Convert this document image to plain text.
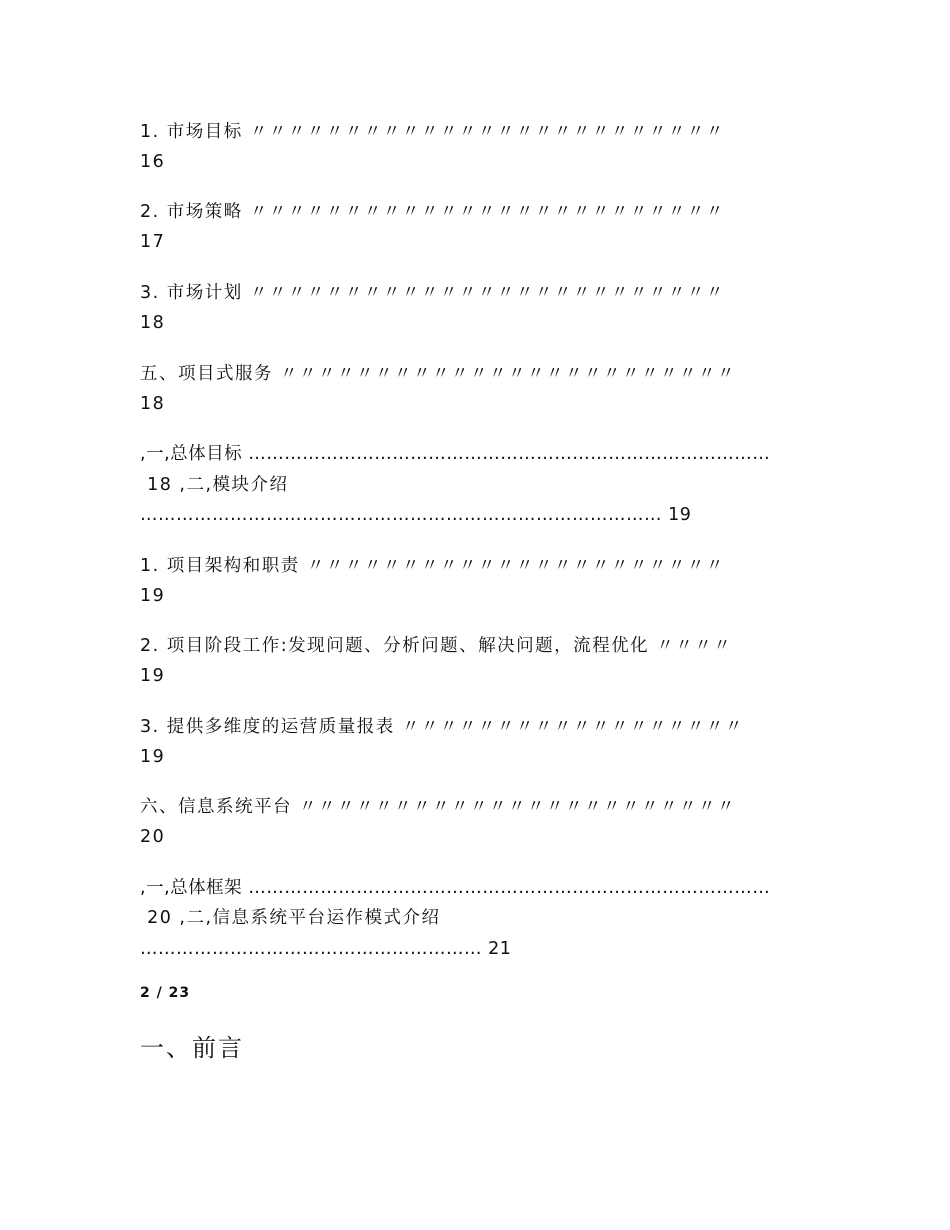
1. 市场目标 〃〃〃〃〃〃〃〃〃〃〃〃〃〃〃〃〃〃〃〃〃〃〃〃〃
16
2. 市场策略 〃〃〃〃〃〃〃〃〃〃〃〃〃〃〃〃〃〃〃〃〃〃〃〃〃
17
3. 市场计划 〃〃〃〃〃〃〃〃〃〃〃〃〃〃〃〃〃〃〃〃〃〃〃〃〃
18
五、项目式服务 〃〃〃〃〃〃〃〃〃〃〃〃〃〃〃〃〃〃〃〃〃〃〃〃
18
,一,总体目标 ……………………………………………………………………………
18 ,二,模块介绍
…………………………………………………………………………… 19
1. 项目架构和职责 〃〃〃〃〃〃〃〃〃〃〃〃〃〃〃〃〃〃〃〃〃〃
19
2. 项目阶段工作:发现问题、分析问题、解决问题，流程优化 〃〃〃〃
19
3. 提供多维度的运营质量报表 〃〃〃〃〃〃〃〃〃〃〃〃〃〃〃〃〃〃
19
六、信息系统平台 〃〃〃〃〃〃〃〃〃〃〃〃〃〃〃〃〃〃〃〃〃〃〃
20
,一,总体框架 ……………………………………………………………………………
20 ,二,信息系统平台运作模式介绍
………………………………………………… 21
2 / 23
一、前言
